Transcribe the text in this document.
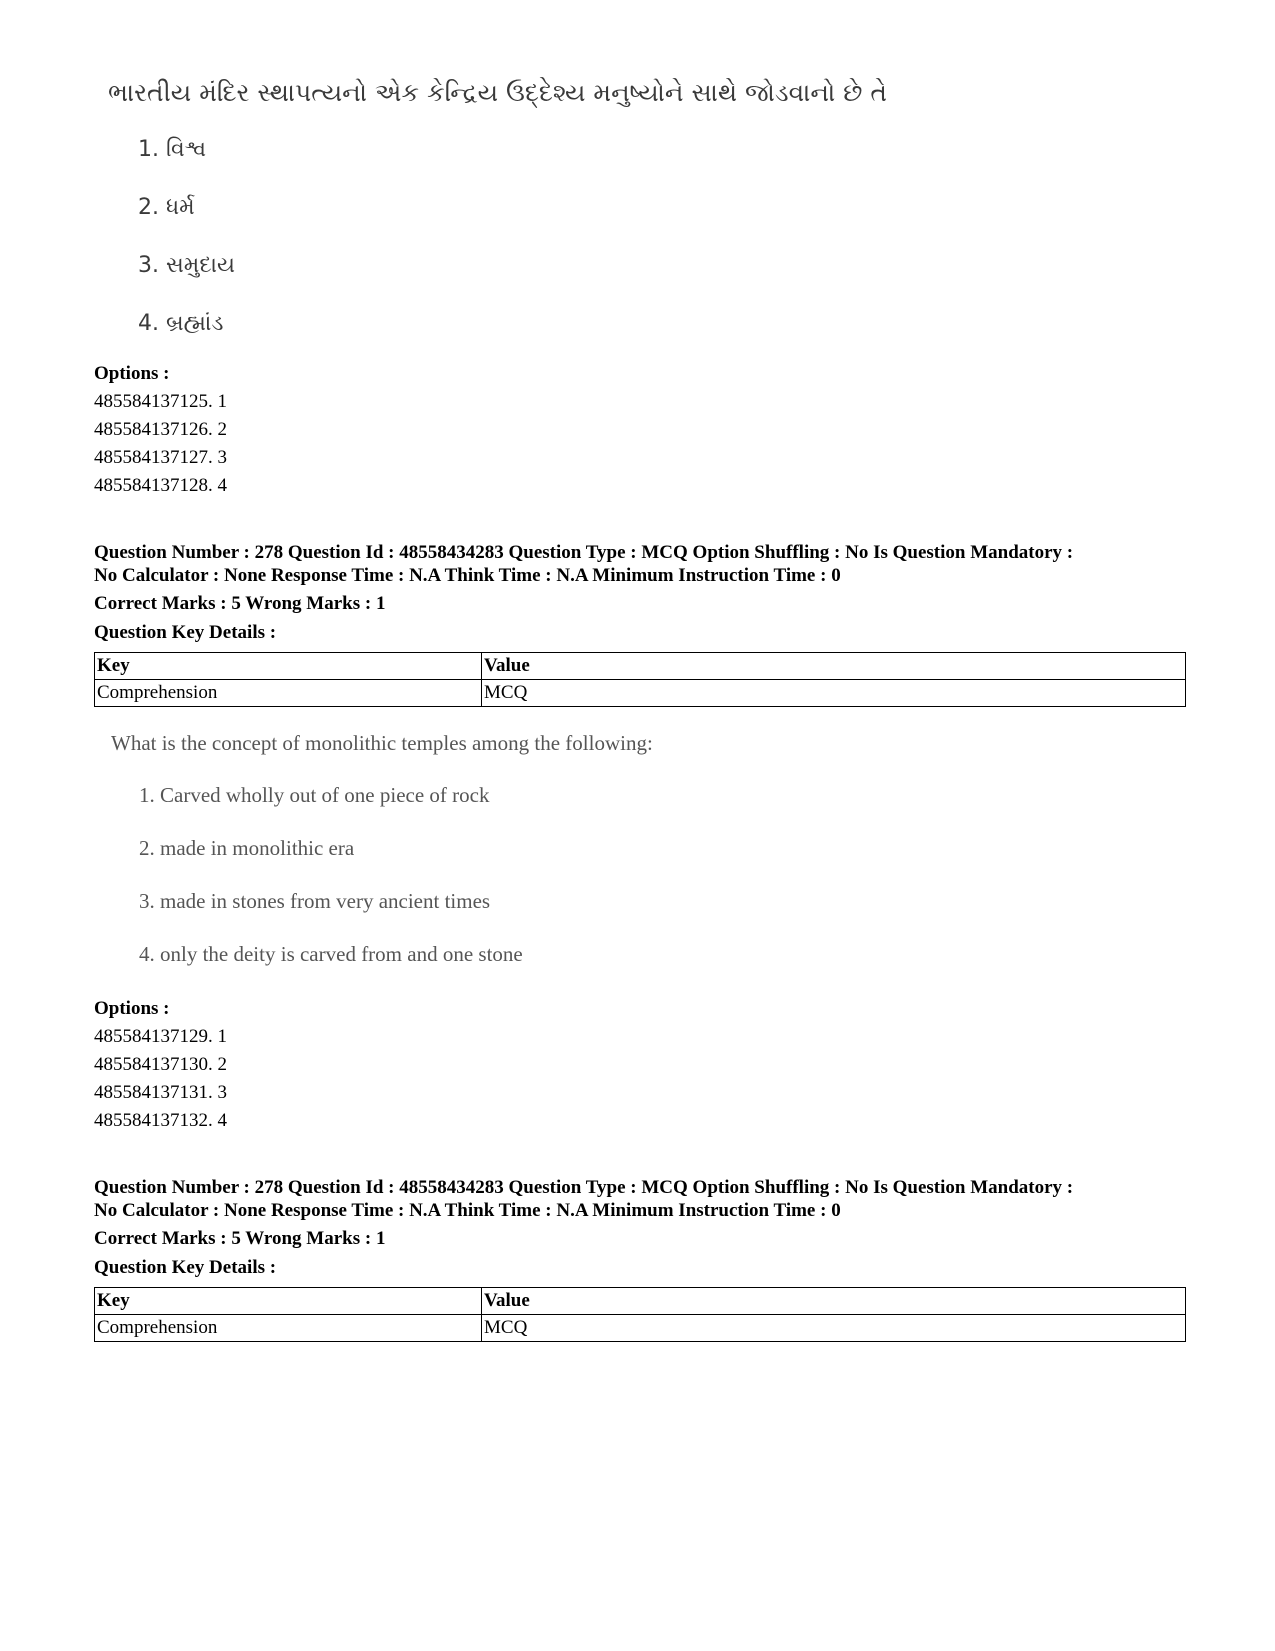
ભારતીય મંદિર સ્થાપત્યનો એક કેન્દ્રિય ઉદ્દેશ્ય મનુષ્યોને સાથે જોડવાનો છે તે
1. વિશ્વ
2. ધર્મ
3. સમુદાય
4. બ્રહ્માંડ
Options :
485584137125. 1
485584137126. 2
485584137127. 3
485584137128. 4
Question Number : 278 Question Id : 48558434283 Question Type : MCQ Option Shuffling : No Is Question Mandatory :
No Calculator : None Response Time : N.A Think Time : N.A Minimum Instruction Time : 0
Correct Marks : 5 Wrong Marks : 1
Question Key Details :
Key	Value
Comprehension	MCQ
What is the concept of monolithic temples among the following:
1. Carved wholly out of one piece of rock
2. made in monolithic era
3. made in stones from very ancient times
4. only the deity is carved from and one stone
Options :
485584137129. 1
485584137130. 2
485584137131. 3
485584137132. 4
Question Number : 278 Question Id : 48558434283 Question Type : MCQ Option Shuffling : No Is Question Mandatory :
No Calculator : None Response Time : N.A Think Time : N.A Minimum Instruction Time : 0
Correct Marks : 5 Wrong Marks : 1
Question Key Details :
Key	Value
Comprehension	MCQ
